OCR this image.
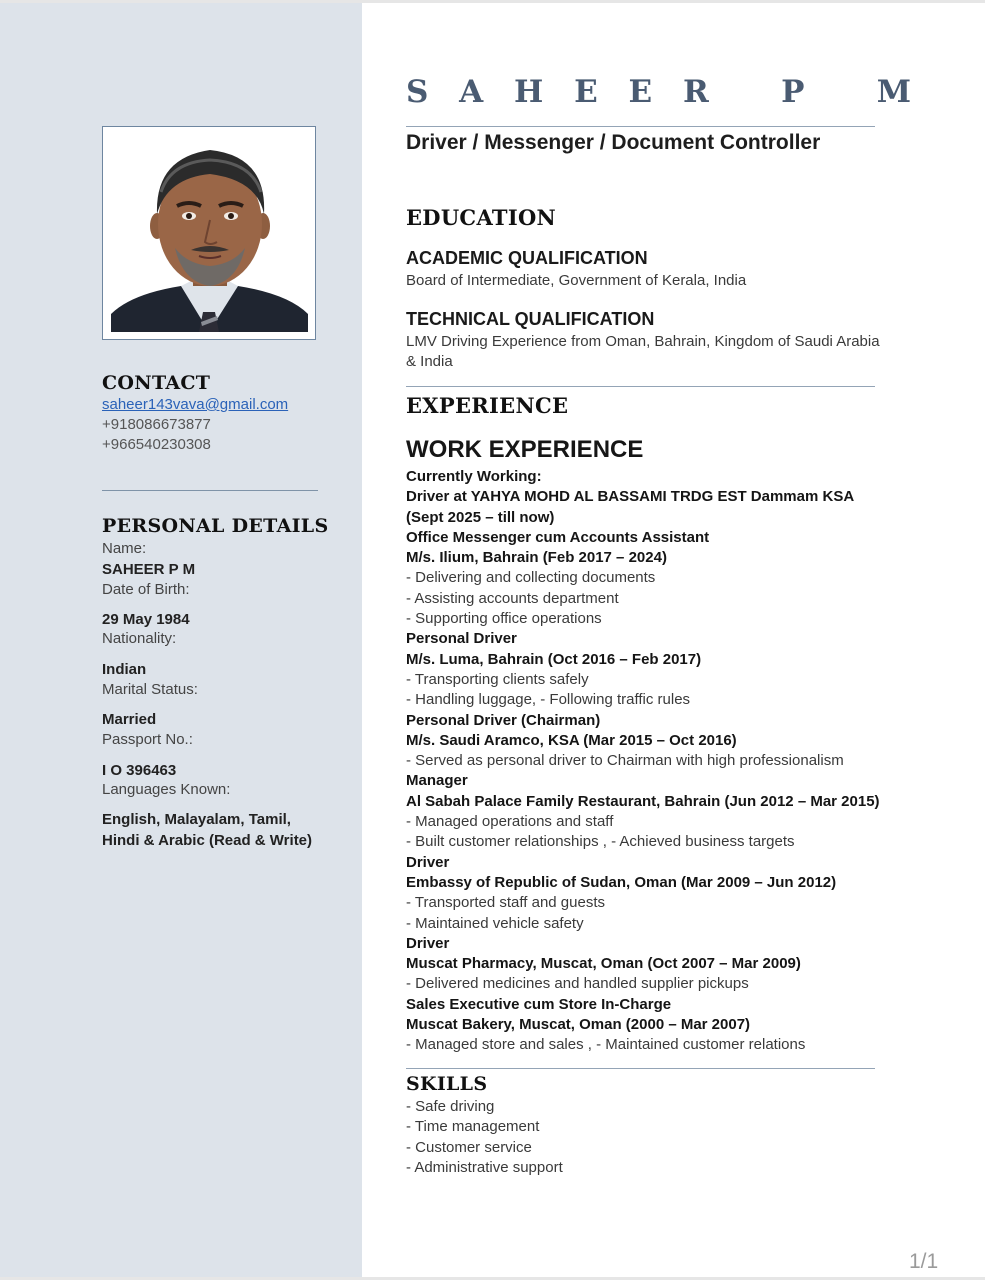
CONTACT
saheer143vava@gmail.com
+918086673877
+966540230308
PERSONAL DETAILS
Name:
SAHEER P M
Date of Birth:
29 May 1984
Nationality:
Indian
Marital Status:
Married
Passport No.:
I O 396463
Languages Known:
English, Malayalam, Tamil,
Hindi & Arabic (Read & Write)
S A H E E R   P   M
Driver / Messenger / Document Controller
EDUCATION
ACADEMIC QUALIFICATION
Board of Intermediate, Government of Kerala, India
TECHNICAL QUALIFICATION
LMV Driving Experience from Oman, Bahrain, Kingdom of Saudi Arabia & India
EXPERIENCE
WORK EXPERIENCE
Currently Working:
Driver at YAHYA MOHD AL BASSAMI TRDG EST Dammam KSA (Sept 2025 – till now)
Office Messenger cum Accounts Assistant
M/s. Ilium, Bahrain (Feb 2017 – 2024)
- Delivering and collecting documents
- Assisting accounts department
- Supporting office operations
Personal Driver
M/s. Luma, Bahrain (Oct 2016 – Feb 2017)
- Transporting clients safely
- Handling luggage, - Following traffic rules
Personal Driver (Chairman)
M/s. Saudi Aramco, KSA (Mar 2015 – Oct 2016)
- Served as personal driver to Chairman with high professionalism
Manager
Al Sabah Palace Family Restaurant, Bahrain (Jun 2012 – Mar 2015)
- Managed operations and staff
- Built customer relationships , - Achieved business targets
Driver
Embassy of Republic of Sudan, Oman (Mar 2009 – Jun 2012)
- Transported staff and guests
- Maintained vehicle safety
Driver
Muscat Pharmacy, Muscat, Oman (Oct 2007 – Mar 2009)
- Delivered medicines and handled supplier pickups
Sales Executive cum Store In-Charge
Muscat Bakery, Muscat, Oman (2000 – Mar 2007)
- Managed store and sales , - Maintained customer relations
SKILLS
- Safe driving
- Time management
- Customer service
- Administrative support
1/1
